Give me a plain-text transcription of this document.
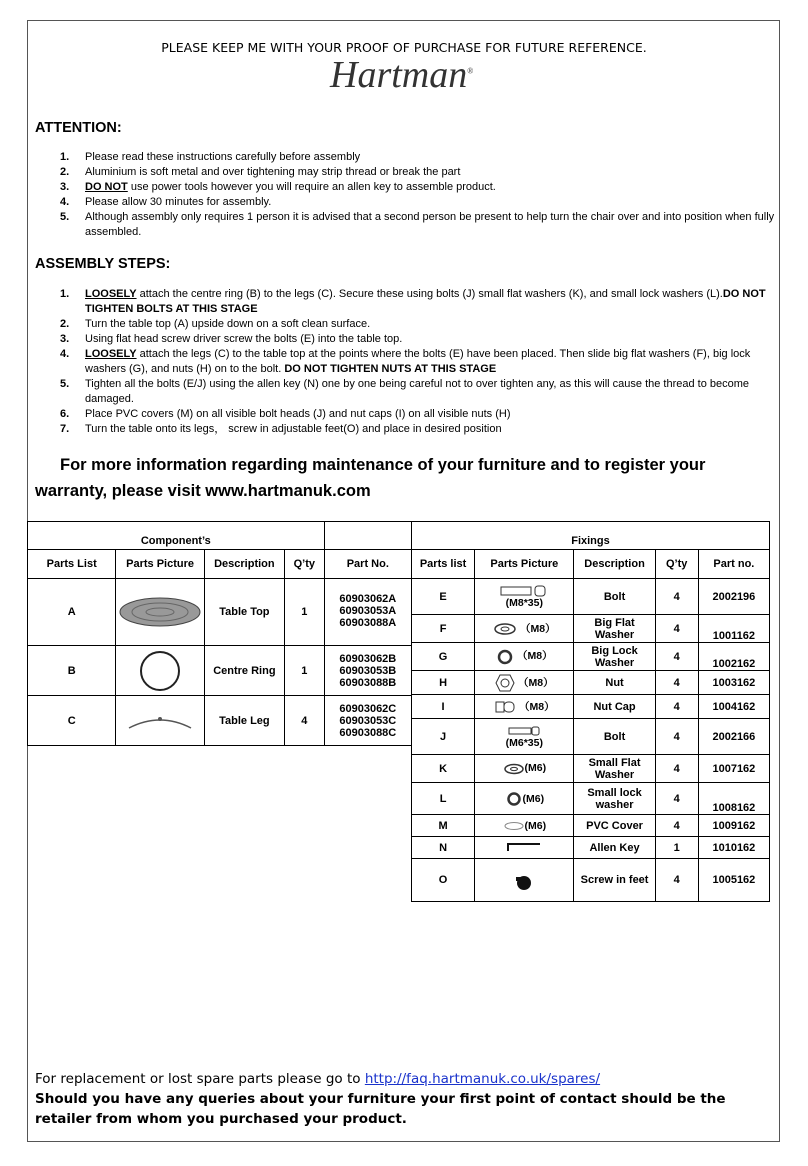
PLEASE KEEP ME WITH YOUR PROOF OF PURCHASE FOR FUTURE REFERENCE.
Hartman®
ATTENTION:
1. Please read these instructions carefully before assembly
2. Aluminium is soft metal and over tightening may strip thread or break the part
3. DO NOT use power tools however you will require an allen key to assemble product.
4. Please allow 30 minutes for assembly.
5. Although assembly only requires 1 person it is advised that a second person be present to help turn the chair over and into position when fully assembled.
ASSEMBLY STEPS:
1. LOOSELY attach the centre ring (B) to the legs (C). Secure these using bolts (J) small flat washers (K), and small lock washers (L).DO NOT TIGHTEN BOLTS AT THIS STAGE
2. Turn the table top (A) upside down on a soft clean surface.
3. Using flat head screw driver screw the bolts (E) into the table top.
4. LOOSELY attach the legs (C) to the table top at the points where the bolts (E) have been placed. Then slide big flat washers (F), big lock washers (G), and nuts (H) on to the bolt. DO NOT TIGHTEN NUTS AT THIS STAGE
5. Tighten all the bolts (E/J) using the allen key (N) one by one being careful not to over tighten any, as this will cause the thread to become damaged.
6. Place PVC covers (M) on all visible bolt heads (J) and nut caps (I) on all visible nuts (H)
7. Turn the table onto its legs， screw in adjustable feet(O) and place in desired position
For more information regarding maintenance of your furniture and to register your warranty, please visit www.hartmanuk.com
Component’s				
Parts List	Parts Picture	Description	Q’ty	Part No.
A		Table Top	1	60903062A
60903053A
60903088A

B		Centre Ring	1	60903062B
60903053B
60903088B

C		Table Leg	4	60903062C
60903053C
60903088C
Fixings				
Parts list	Parts Picture	Description	Q’ty	Part no.
E	(M8*35)	Bolt	4	2002196
F	（M8）	Big Flat Washer	4	1001162
G	（M8）	Big Lock Washer	4	1002162
H	（M8）	Nut	4	1003162
I	（M8）	Nut Cap	4	1004162
J	(M6*35)	Bolt	4	2002166
K	(M6)	Small Flat Washer	4	1007162
L	(M6)	Small lock washer	4	1008162
M	(M6)	PVC Cover	4	1009162
N		Allen Key	1	1010162
O		Screw in feet	4	1005162
For replacement or lost spare parts please go to http://faq.hartmanuk.co.uk/spares/
Should you have any queries about your furniture your first point of contact should be the retailer from whom you purchased your product.
